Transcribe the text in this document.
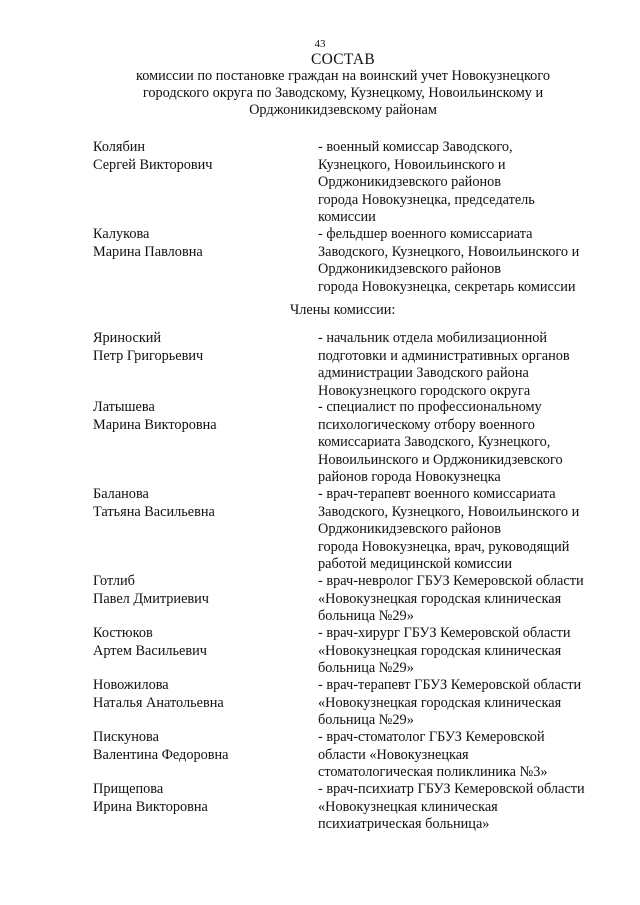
43
СОСТАВ
комиссии по постановке граждан на воинский учет Новокузнецкого
городского округа по Заводскому, Кузнецкому, Новоильинскому и
Орджоникидзевскому районам
Колябин
Сергей Викторович
- военный комиссар Заводского,
Кузнецкого, Новоильинского и
Орджоникидзевского районов
города Новокузнецка, председатель
комиссии
Калукова
Марина Павловна
- фельдшер военного комиссариата
Заводского, Кузнецкого, Новоильинского и
Орджоникидзевского районов
города Новокузнецка, секретарь комиссии
Члены комиссии:
Яриноский
Петр Григорьевич
- начальник отдела мобилизационной
подготовки и административных органов
администрации Заводского района
Новокузнецкого городского округа
Латышева
Марина Викторовна
- специалист по профессиональному
психологическому отбору военного
комиссариата Заводского, Кузнецкого,
Новоильинского и Орджоникидзевского
районов города Новокузнецка
Баланова
Татьяна Васильевна
- врач-терапевт военного комиссариата
Заводского, Кузнецкого, Новоильинского и
Орджоникидзевского районов
города Новокузнецка, врач, руководящий
работой медицинской комиссии
Готлиб
Павел Дмитриевич
- врач-невролог ГБУЗ Кемеровской области
«Новокузнецкая городская клиническая
больница №29»
Костюков
Артем Васильевич
- врач-хирург ГБУЗ Кемеровской области
«Новокузнецкая городская клиническая
больница №29»
Новожилова
Наталья Анатольевна
- врач-терапевт ГБУЗ Кемеровской области
«Новокузнецкая городская клиническая
больница №29»
Пискунова
Валентина Федоровна
- врач-стоматолог ГБУЗ Кемеровской
области «Новокузнецкая
стоматологическая поликлиника №3»
Прищепова
Ирина Викторовна
- врач-психиатр ГБУЗ Кемеровской области
«Новокузнецкая клиническая
психиатрическая больница»
